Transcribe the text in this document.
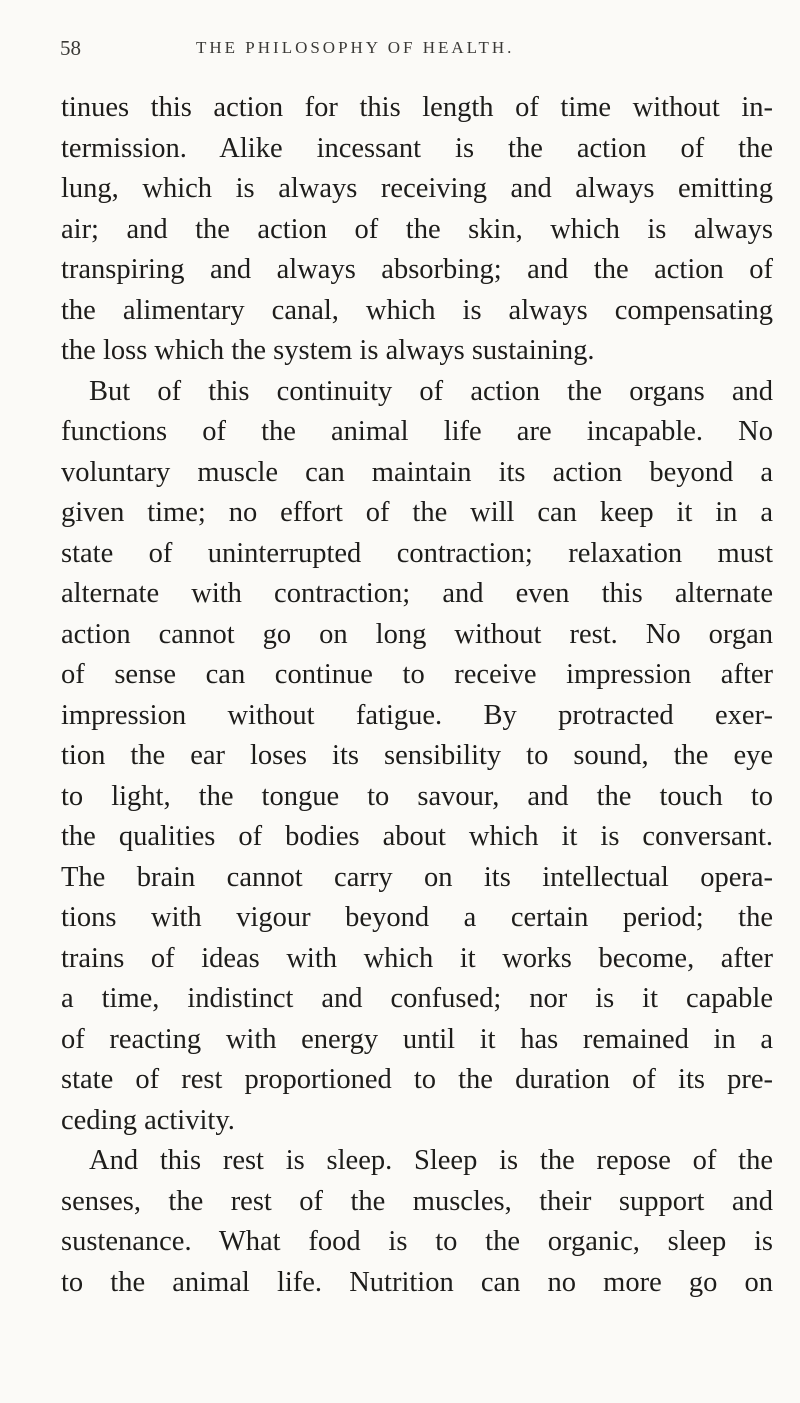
58	THE PHILOSOPHY OF HEALTH.
tinues this action for this length of time without in-
termission. Alike incessant is the action of the
lung, which is always receiving and always emitting
air; and the action of the skin, which is always
transpiring and always absorbing; and the action of
the alimentary canal, which is always compensating
the loss which the system is always sustaining.
But of this continuity of action the organs and
functions of the animal life are incapable. No
voluntary muscle can maintain its action beyond a
given time; no effort of the will can keep it in a
state of uninterrupted contraction; relaxation must
alternate with contraction; and even this alternate
action cannot go on long without rest. No organ
of sense can continue to receive impression after
impression without fatigue. By protracted exer-
tion the ear loses its sensibility to sound, the eye
to light, the tongue to savour, and the touch to
the qualities of bodies about which it is conversant.
The brain cannot carry on its intellectual opera-
tions with vigour beyond a certain period; the
trains of ideas with which it works become, after
a time, indistinct and confused; nor is it capable
of reacting with energy until it has remained in a
state of rest proportioned to the duration of its pre-
ceding activity.
And this rest is sleep. Sleep is the repose of the
senses, the rest of the muscles, their support and
sustenance. What food is to the organic, sleep is
to the animal life. Nutrition can no more go on
